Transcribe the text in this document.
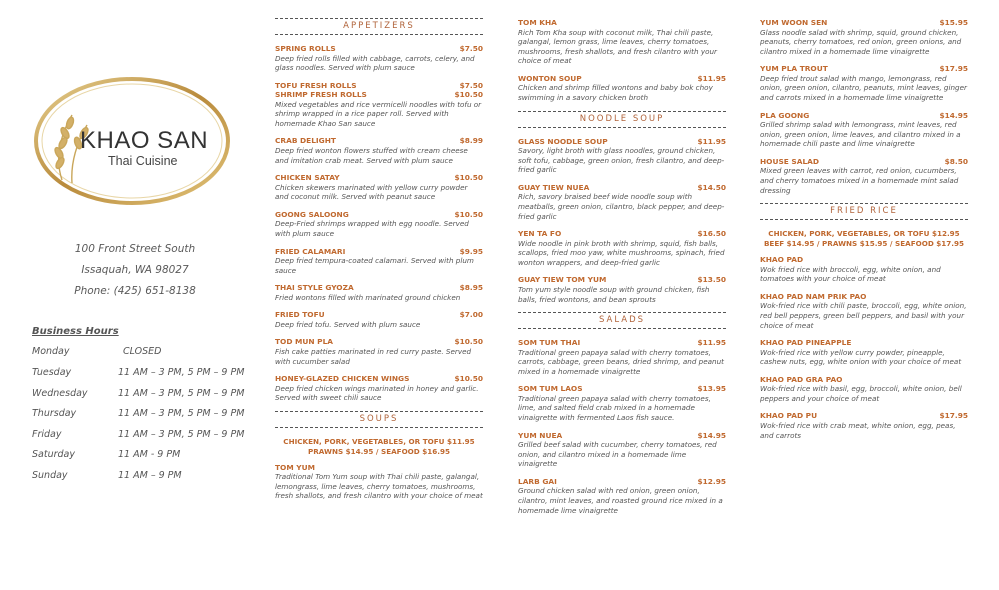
KHAO SAN
Thai Cuisine
100 Front Street South
Issaquah, WA 98027
Phone: (425) 651-8138
Business Hours
Monday	CLOSED
Tuesday	11 AM – 3 PM, 5 PM – 9 PM
Wednesday	11 AM – 3 PM, 5 PM – 9 PM
Thursday	11 AM – 3 PM, 5 PM – 9 PM
Friday	11 AM – 3 PM, 5 PM – 9 PM
Saturday	11 AM - 9 PM
Sunday	11 AM – 9 PM
APPETIZERS
SPRING ROLLS	$7.50
Deep fried rolls filled with cabbage, carrots, celery, and glass noodles. Served with plum sauce
TOFU FRESH ROLLS	$7.50
SHRIMP FRESH ROLLS	$10.50
Mixed vegetables and rice vermicelli noodles with tofu or shrimp wrapped in a rice paper roll. Served with homemade Khao San sauce
CRAB DELIGHT	$8.99
Deep fried wonton flowers stuffed with cream cheese and imitation crab meat. Served with plum sauce
CHICKEN SATAY	$10.50
Chicken skewers marinated with yellow curry powder and coconut milk. Served with peanut sauce
GOONG SALOONG	$10.50
Deep-Fried shrimps wrapped with egg noodle. Served with plum sauce
FRIED CALAMARI	$9.95
Deep fried tempura-coated calamari. Served with plum sauce
THAI STYLE GYOZA	$8.95
Fried wontons filled with marinated ground chicken
FRIED TOFU	$7.00
Deep fried tofu. Served with plum sauce
TOD MUN PLA	$10.50
Fish cake patties marinated in red curry paste. Served with cucumber salad
HONEY-GLAZED CHICKEN WINGS	$10.50
Deep fried chicken wings marinated in honey and garlic. Served with sweet chili sauce
SOUPS
CHICKEN, PORK, VEGETABLES, OR TOFU $11.95
PRAWNS $14.95 / SEAFOOD $16.95
TOM YUM
Traditional Tom Yum soup with Thai chili paste, galangal, lemongrass, lime leaves, cherry tomatoes, mushrooms, fresh shallots, and fresh cilantro with your choice of meat
TOM KHA
Rich Tom Kha soup with coconut milk, Thai chili paste, galangal, lemon grass, lime leaves, cherry tomatoes, mushrooms, fresh shallots, and fresh cilantro with your choice of meat
WONTON SOUP	$11.95
Chicken and shrimp filled wontons and baby bok choy swimming in a savory chicken broth
NOODLE SOUP
GLASS NOODLE SOUP	$11.95
Savory, light broth with glass noodles, ground chicken, soft tofu, cabbage, green onion, fresh cilantro, and deep-fried garlic
GUAY TIEW NUEA	$14.50
Rich, savory braised beef wide noodle soup with meatballs, green onion, cilantro, black pepper, and deep-fried garlic
YEN TA FO	$16.50
Wide noodle in pink broth with shrimp, squid, fish balls, scallops, fried moo yaw, white mushrooms, spinach, fried wonton wrappers, and deep-fried garlic
GUAY TIEW TOM YUM	$13.50
Tom yum style noodle soup with ground chicken, fish balls, fried wontons, and bean sprouts
SALADS
SOM TUM THAI	$11.95
Traditional green papaya salad with cherry tomatoes, carrots, cabbage, green beans, dried shrimp, and peanut mixed in a homemade vinaigrette
SOM TUM LAOS	$13.95
Traditional green papaya salad with cherry tomatoes, lime, and salted field crab mixed in a homemade vinaigrette with fermented Laos fish sauce.
YUM NUEA	$14.95
Grilled beef salad with cucumber, cherry tomatoes, red onion, and cilantro mixed in a homemade lime vinaigrette
LARB GAI	$12.95
Ground chicken salad with red onion, green onion, cilantro, mint leaves, and roasted ground rice mixed in a homemade lime vinaigrette
YUM WOON SEN	$15.95
Glass noodle salad with shrimp, squid, ground chicken, peanuts, cherry tomatoes, red onion, green onions, and cilantro mixed in a homemade lime vinaigrette
YUM PLA TROUT	$17.95
Deep fried trout salad with mango, lemongrass, red onion, green onion, cilantro, peanuts, mint leaves, ginger and carrots mixed in a homemade lime vinaigrette
PLA GOONG	$14.95
Grilled shrimp salad with lemongrass, mint leaves, red onion, green onion, lime leaves, and cilantro mixed in a homemade chili paste and lime vinaigrette
HOUSE SALAD	$8.50
Mixed green leaves with carrot, red onion, cucumbers, and cherry tomatoes mixed in a homemade mint salad dressing
FRIED RICE
CHICKEN, PORK, VEGETABLES, OR TOFU $12.95
BEEF $14.95 / PRAWNS $15.95 / SEAFOOD $17.95
KHAO PAD
Wok fried rice with broccoli, egg, white onion, and tomatoes with your choice of meat
KHAO PAD NAM PRIK PAO
Wok-fried rice with chili paste, broccoli, egg, white onion, red bell peppers, green bell peppers, and basil with your choice of meat
KHAO PAD PINEAPPLE
Wok-fried rice with yellow curry powder, pineapple, cashew nuts, egg, white onion with your choice of meat
KHAO PAD GRA PAO
Wok-fried rice with basil, egg, broccoli, white onion, bell peppers and your choice of meat
KHAO PAD PU	$17.95
Wok-fried rice with crab meat, white onion, egg, peas, and carrots
